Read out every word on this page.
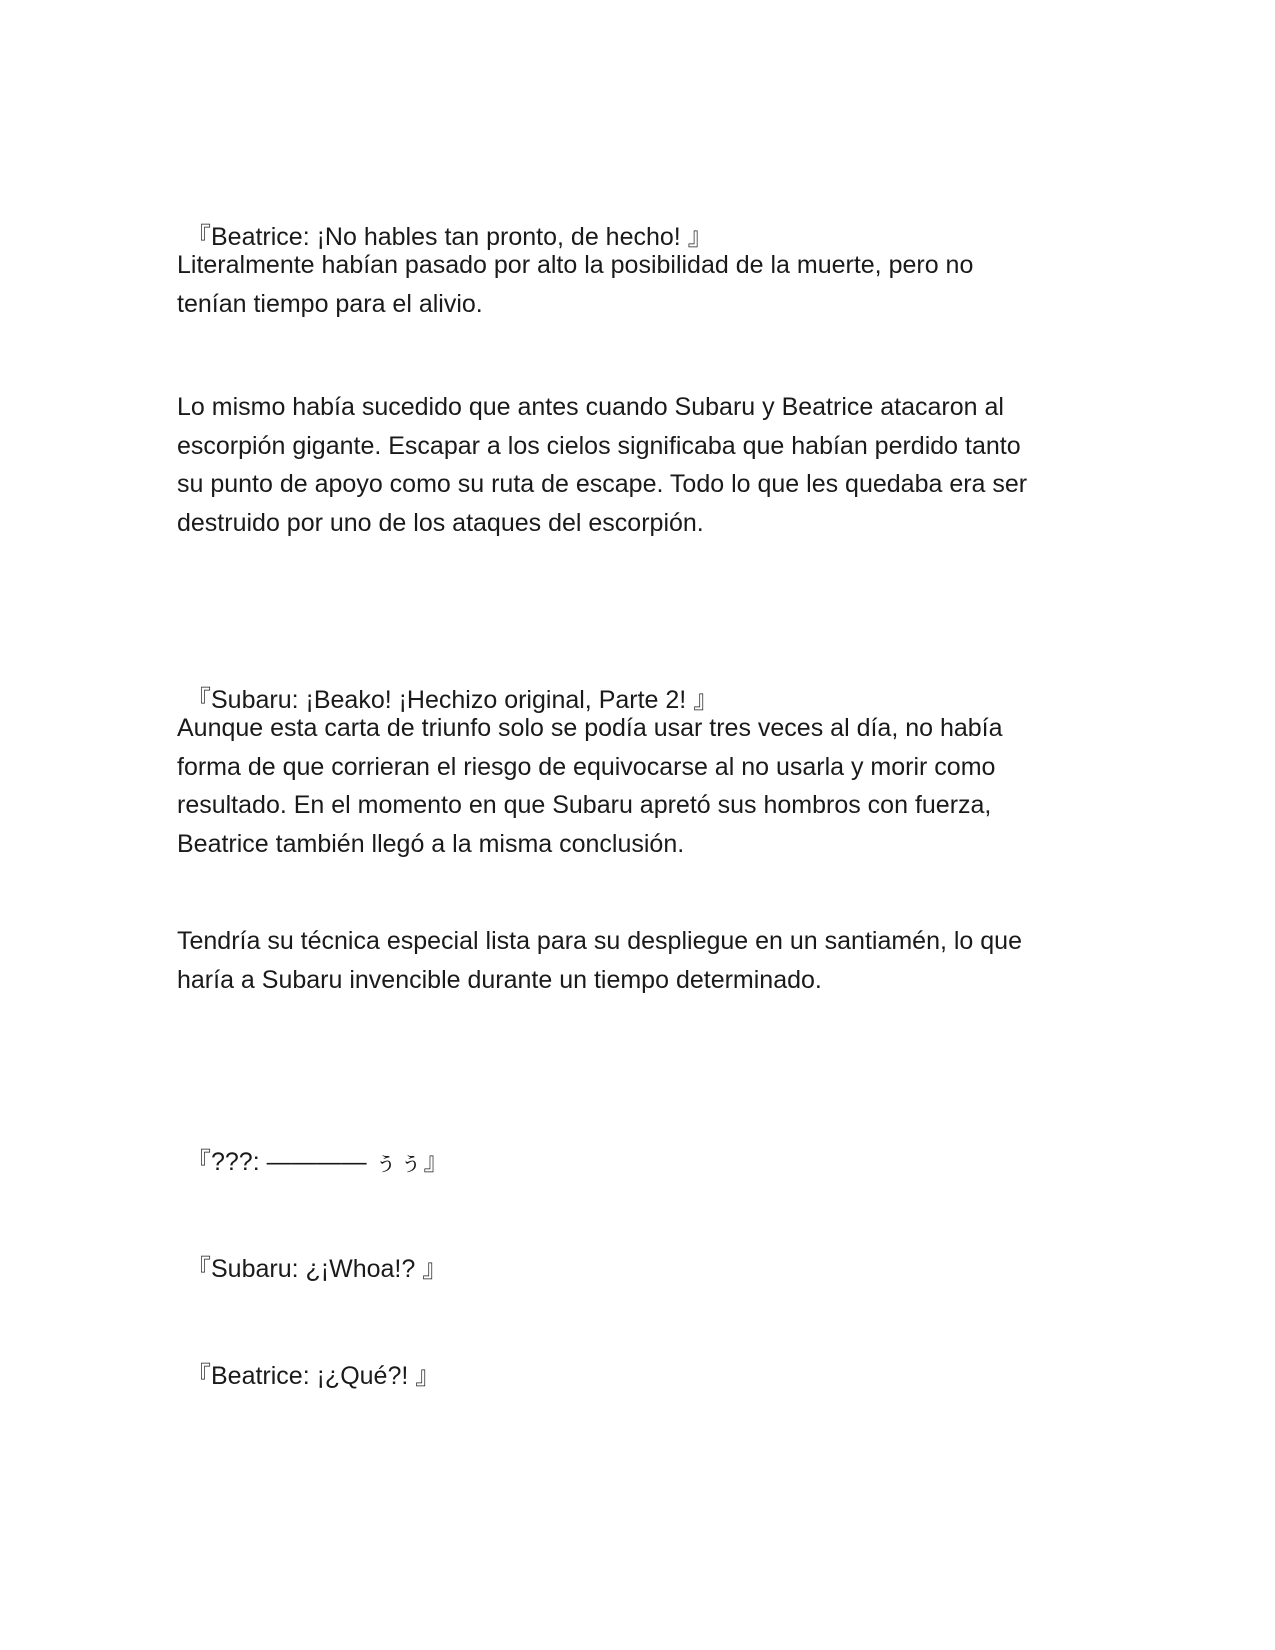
『Beatrice: ¡No hables tan pronto, de hecho! 』

Literalmente habían pasado por alto la posibilidad de la muerte, pero no
tenían tiempo para el alivio.

Lo mismo había sucedido que antes cuando Subaru y Beatrice atacaron al
escorpión gigante. Escapar a los cielos significaba que habían perdido tanto
su punto de apoyo como su ruta de escape. Todo lo que les quedaba era ser
destruido por uno de los ataques del escorpión.

『Subaru: ¡Beako! ¡Hechizo original, Parte 2! 』

Aunque esta carta de triunfo solo se podía usar tres veces al día, no había
forma de que corrieran el riesgo de equivocarse al no usarla y morir como
resultado. En el momento en que Subaru apretó sus hombros con fuerza,
Beatrice también llegó a la misma conclusión.

Tendría su técnica especial lista para su despliegue en un santiamén, lo que
haría a Subaru invencible durante un tiempo determinado.

『???: ———— ぅぅ』

『Subaru: ¿¡Whoa!? 』

『Beatrice: ¡¿Qué?! 』
